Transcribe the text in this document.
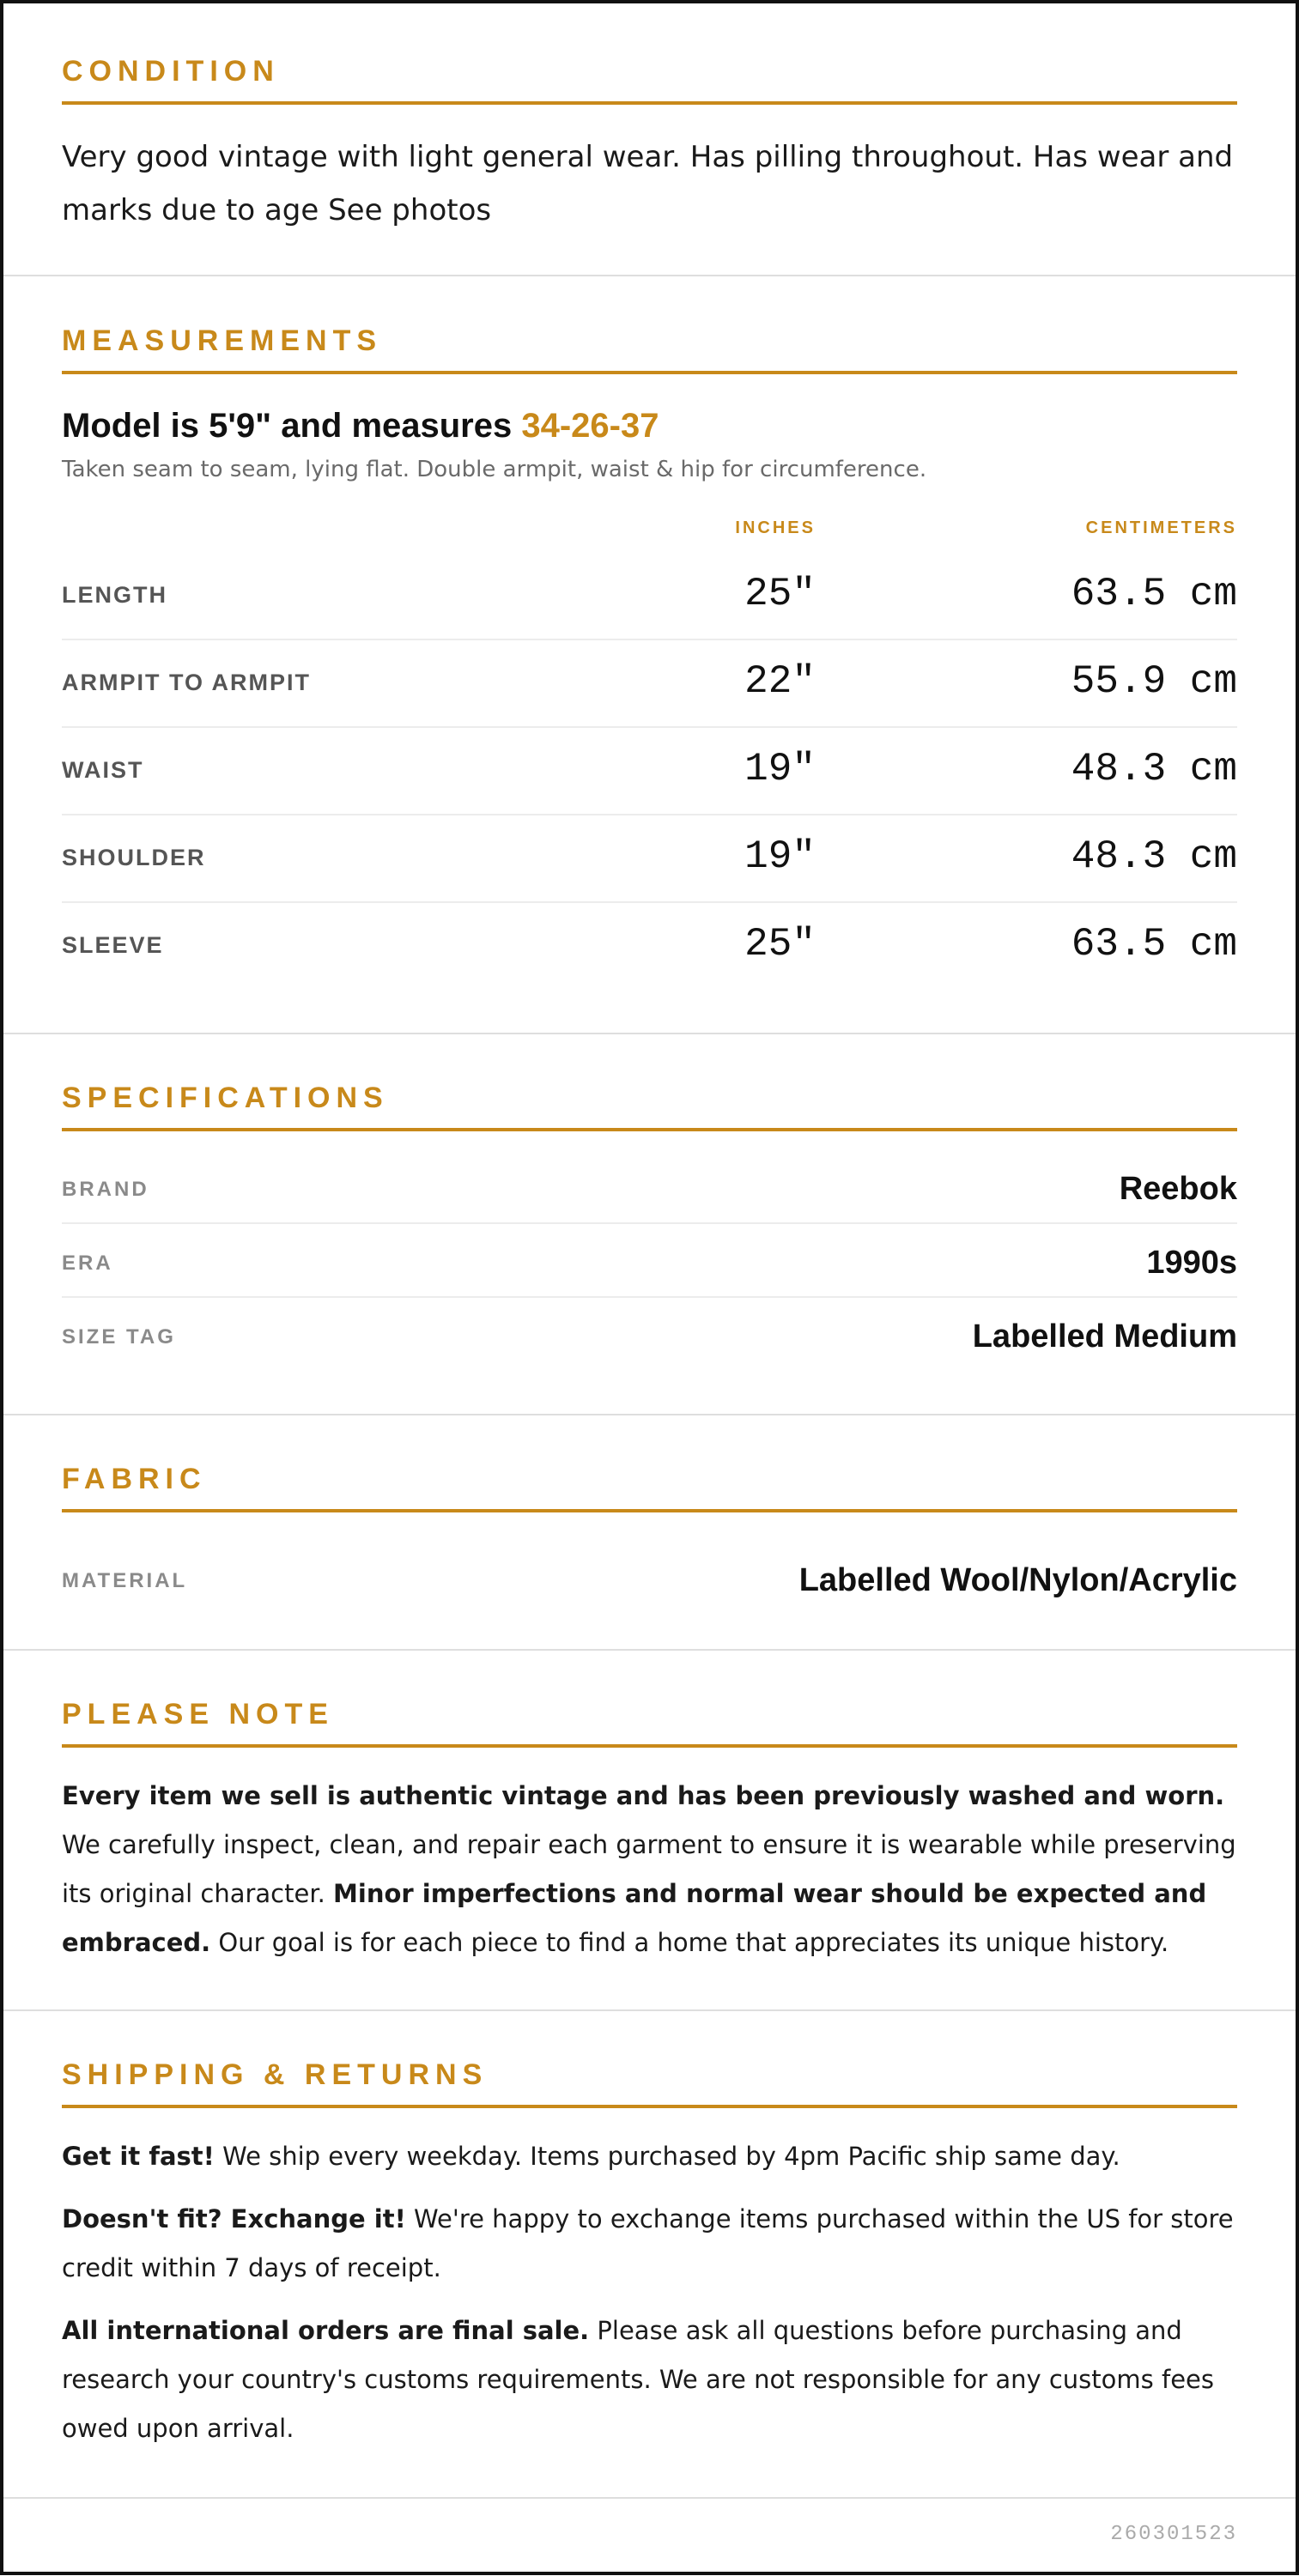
CONDITION
Very good vintage with light general wear. Has pilling throughout. Has wear and marks due to age See photos
MEASUREMENTS
Model is 5'9" and measures 34-26-37
Taken seam to seam, lying flat. Double armpit, waist & hip for circumference.
INCHES	CENTIMETERS
LENGTH	25"	63.5 cm
ARMPIT TO ARMPIT	22"	55.9 cm
WAIST	19"	48.3 cm
SHOULDER	19"	48.3 cm
SLEEVE	25"	63.5 cm
SPECIFICATIONS
BRAND	Reebok
ERA	1990s
SIZE TAG	Labelled Medium
FABRIC
MATERIAL	Labelled Wool/Nylon/Acrylic
PLEASE NOTE
Every item we sell is authentic vintage and has been previously washed and worn. We carefully inspect, clean, and repair each garment to ensure it is wearable while preserving its original character. Minor imperfections and normal wear should be expected and embraced. Our goal is for each piece to find a home that appreciates its unique history.
SHIPPING & RETURNS

Get it fast! We ship every weekday. Items purchased by 4pm Pacific ship same day.

Doesn't fit? Exchange it! We're happy to exchange items purchased within the US for store credit within 7 days of receipt.

All international orders are final sale. Please ask all questions before purchasing and research your country's customs requirements. We are not responsible for any customs fees owed upon arrival.

260301523
